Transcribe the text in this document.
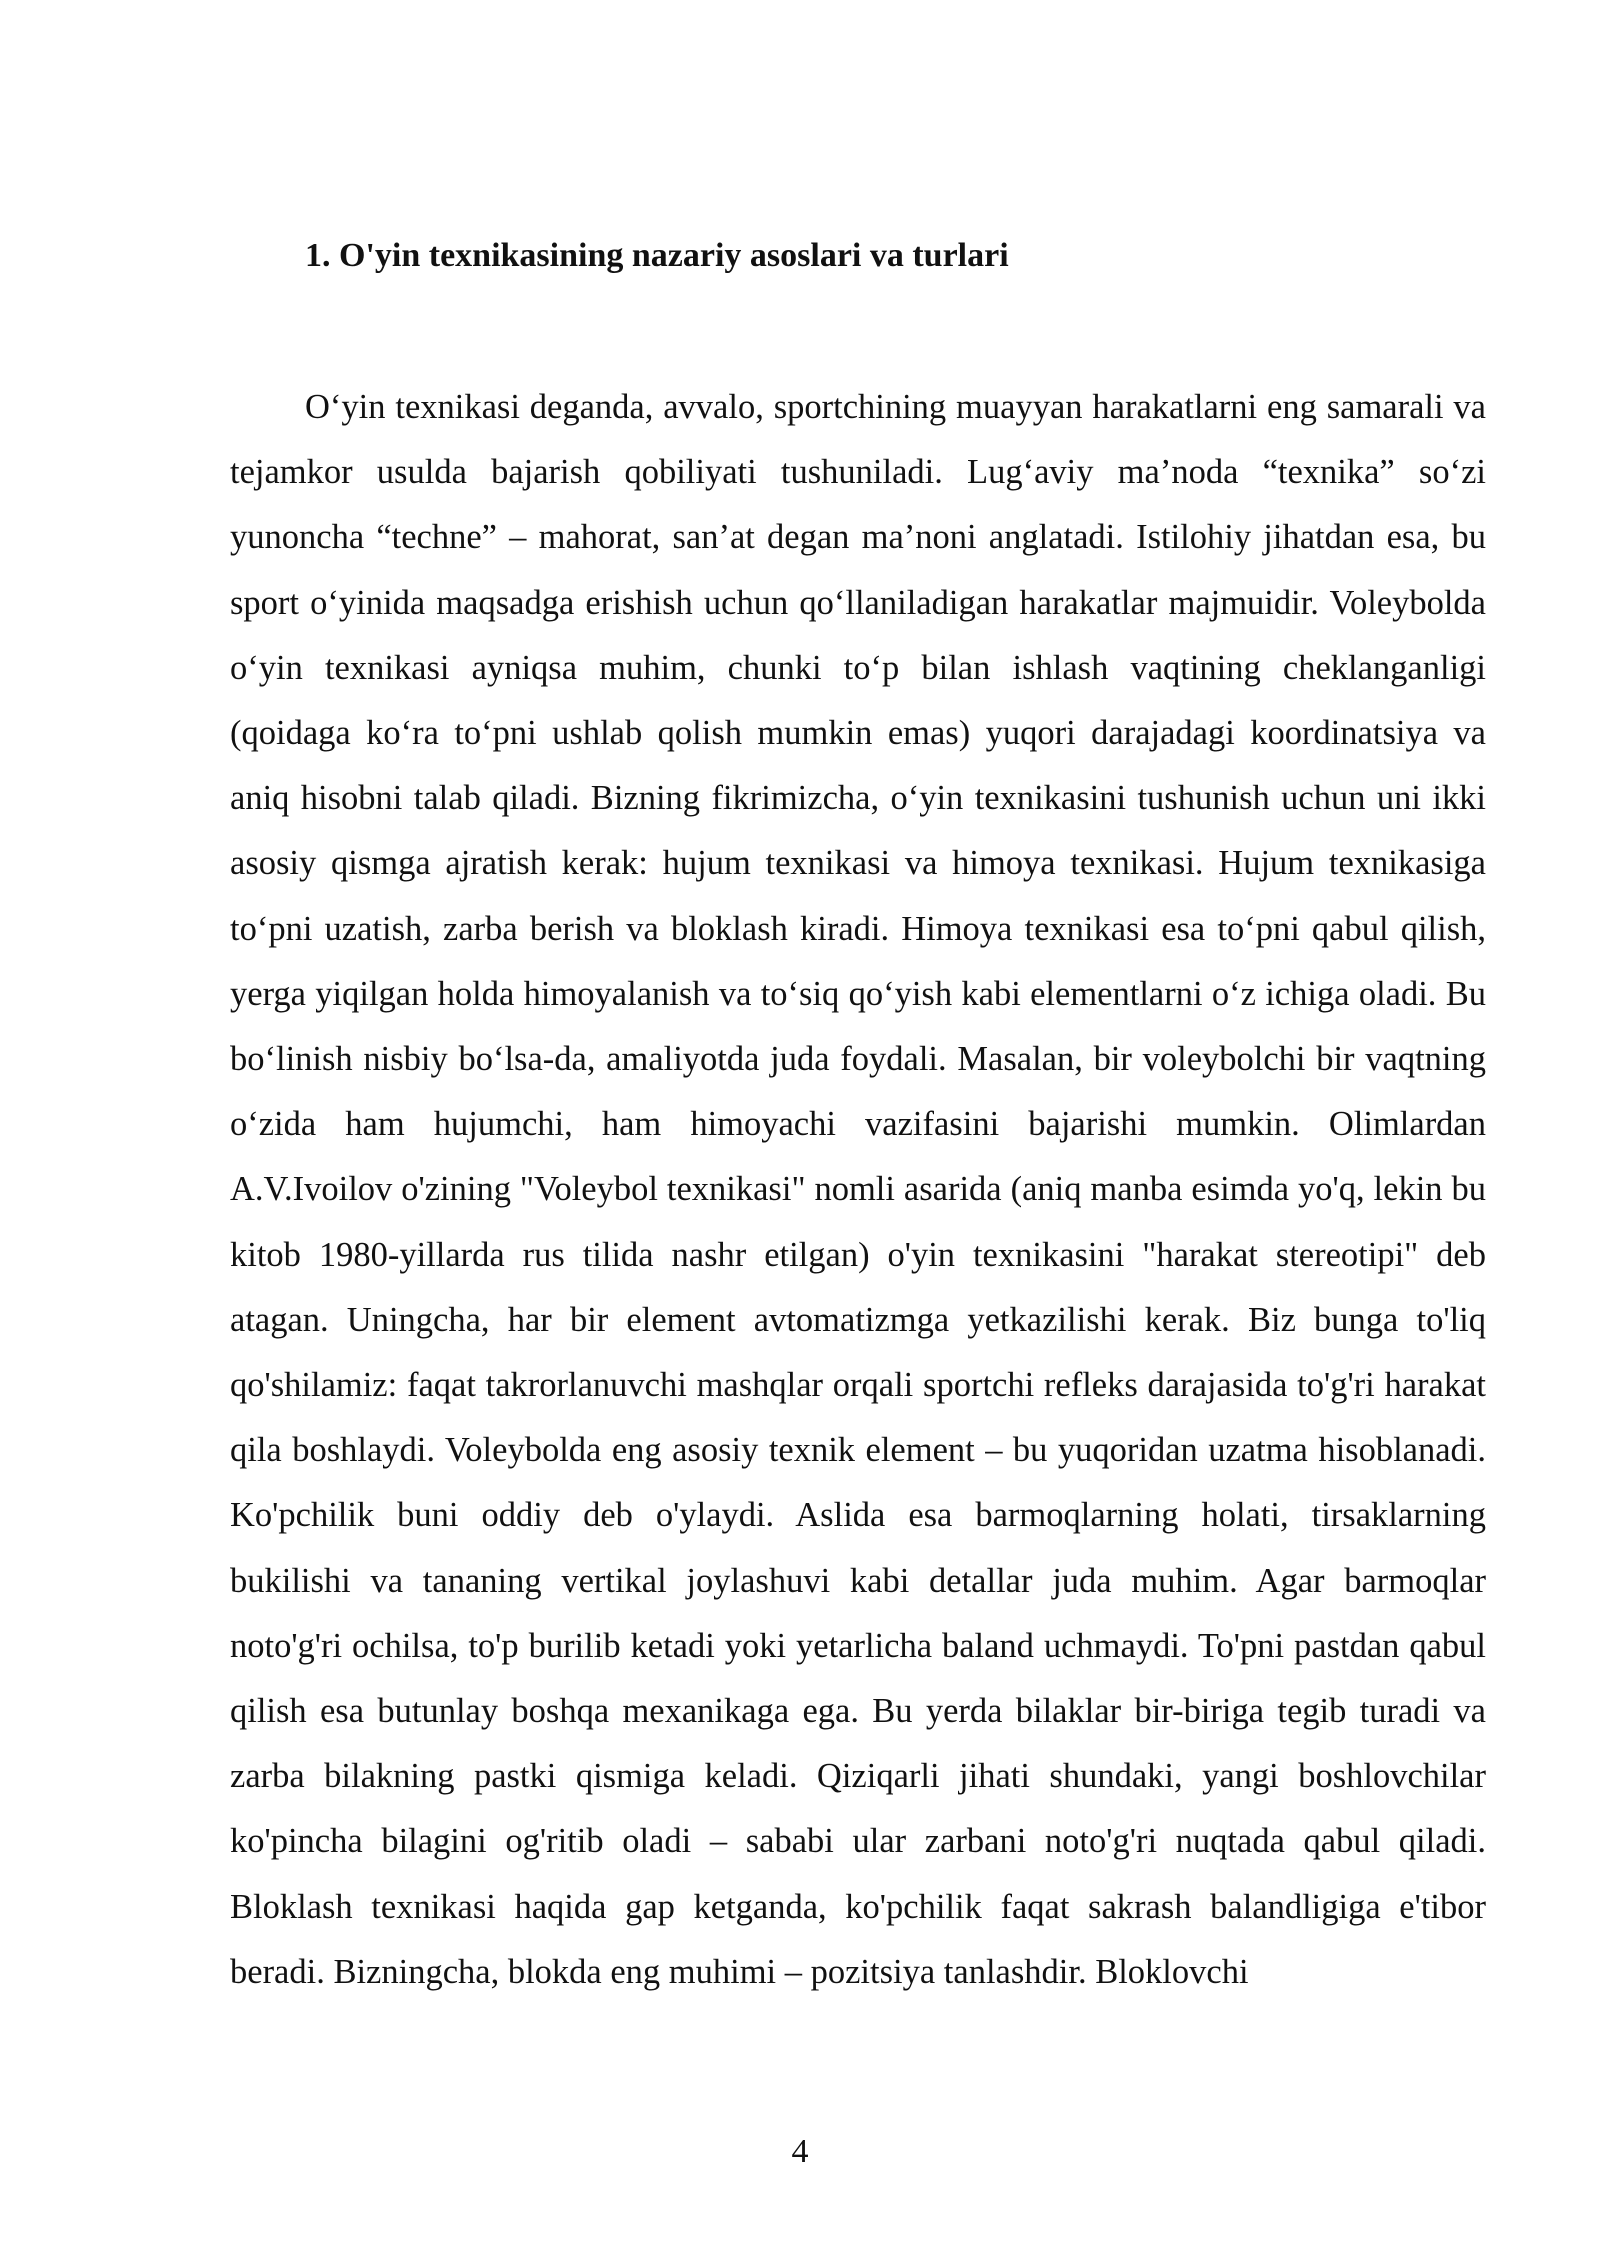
1. O'yin texnikasining nazariy asoslari va turlari

O‘yin texnikasi deganda, avvalo, sportchining muayyan harakatlarni eng samarali va tejamkor usulda bajarish qobiliyati tushuniladi. Lug‘aviy ma’noda “texnika” so‘zi yunoncha “techne” – mahorat, san’at degan ma’noni anglatadi. Istilohiy jihatdan esa, bu sport o‘yinida maqsadga erishish uchun qo‘llaniladigan harakatlar majmuidir. Voleybolda o‘yin texnikasi ayniqsa muhim, chunki to‘p bilan ishlash vaqtining cheklanganligi (qoidaga ko‘ra to‘pni ushlab qolish mumkin emas) yuqori darajadagi koordinatsiya va aniq hisobni talab qiladi. Bizning fikrimizcha, o‘yin texnikasini tushunish uchun uni ikki asosiy qismga ajratish kerak: hujum texnikasi va himoya texnikasi. Hujum texnikasiga to‘pni uzatish, zarba berish va bloklash kiradi. Himoya texnikasi esa to‘pni qabul qilish, yerga yiqilgan holda himoyalanish va to‘siq qo‘yish kabi elementlarni o‘z ichiga oladi. Bu bo‘linish nisbiy bo‘lsa-da, amaliyotda juda foydali. Masalan, bir voleybolchi bir vaqtning o‘zida ham hujumchi, ham himoyachi vazifasini bajarishi mumkin. Olimlardan A.V.Ivoilov o'zining "Voleybol texnikasi" nomli asarida (aniq manba esimda yo'q, lekin bu kitob 1980-yillarda rus tilida nashr etilgan) o'yin texnikasini "harakat stereotipi" deb atagan. Uningcha, har bir element avtomatizmga yetkazilishi kerak. Biz bunga to'liq qo'shilamiz: faqat takrorlanuvchi mashqlar orqali sportchi refleks darajasida to'g'ri harakat qila boshlaydi. Voleybolda eng asosiy texnik element – bu yuqoridan uzatma hisoblanadi. Ko'pchilik buni oddiy deb o'ylaydi. Aslida esa barmoqlarning holati, tirsaklarning bukilishi va tananing vertikal joylashuvi kabi detallar juda muhim. Agar barmoqlar noto'g'ri ochilsa, to'p burilib ketadi yoki yetarlicha baland uchmaydi. To'pni pastdan qabul qilish esa butunlay boshqa mexanikaga ega. Bu yerda bilaklar bir-biriga tegib turadi va zarba bilakning pastki qismiga keladi. Qiziqarli jihati shundaki, yangi boshlovchilar ko'pincha bilagini og'ritib oladi – sababi ular zarbani noto'g'ri nuqtada qabul qiladi. Bloklash texnikasi haqida gap ketganda, ko'pchilik faqat sakrash balandligiga e'tibor beradi. Bizningcha, blokda eng muhimi – pozitsiya tanlashdir. Bloklovchi

4
